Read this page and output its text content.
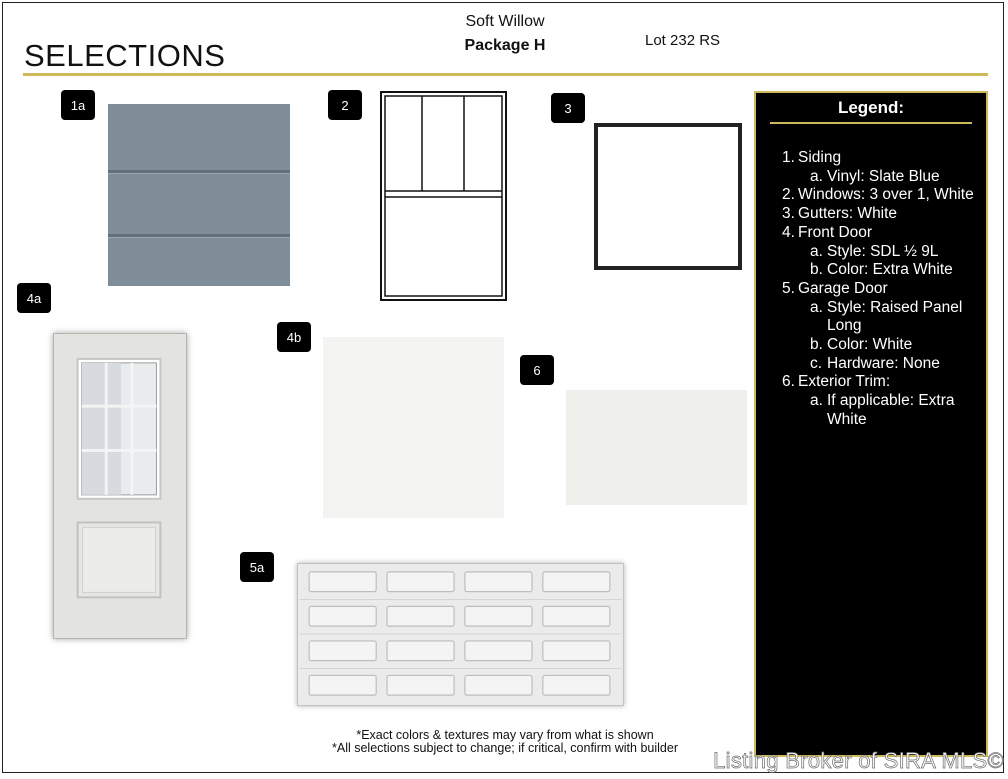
SELECTIONS
Soft Willow
Package H	Lot 232 RS
1a	2	3
4a
4b
6
5a
Legend:
1. Siding
a. Vinyl: Slate Blue
2. Windows: 3 over 1, White
3. Gutters: White
4. Front Door
a. Style: SDL ½ 9L
b. Color: Extra White
5. Garage Door
a. Style: Raised Panel Long
b. Color: White
c. Hardware: None
6. Exterior Trim:
a. If applicable: Extra White
*Exact colors & textures may vary from what is shown
*All selections subject to change; if critical, confirm with builder	Listing Broker of SIRA MLS©
